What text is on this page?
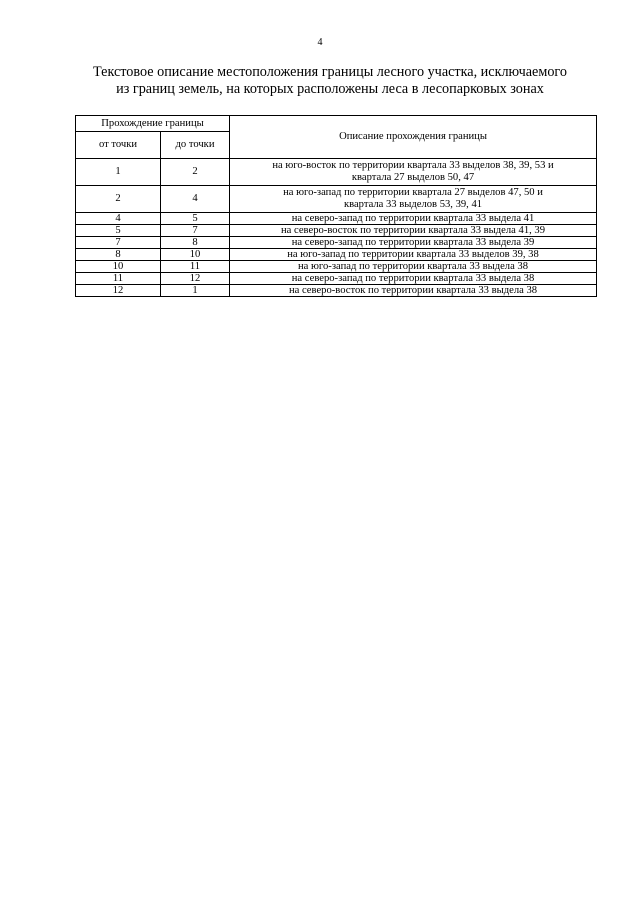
4
Текстовое описание местоположения границы лесного участка, исключаемого
из границ земель, на которых расположены леса в лесопарковых зонах
Прохождение границы		Описание прохождения границы
от точки	до точки	
1	2	на юго-восток по территории квартала 33 выделов 38, 39, 53 и
квартала 27 выделов 50, 47
2	4	на юго-запад по территории квартала 27 выделов 47, 50 и
квартала 33 выделов 53, 39, 41
4	5	на северо-запад по территории квартала 33 выдела 41
5	7	на северо-восток по территории квартала 33 выдела 41, 39
7	8	на северо-запад по территории квартала 33 выдела 39
8	10	на юго-запад по территории квартала 33 выделов 39, 38
10	11	на юго-запад по территории квартала 33 выдела 38
11	12	на северо-запад по территории квартала 33 выдела 38
12	1	на северо-восток по территории квартала 33 выдела 38
